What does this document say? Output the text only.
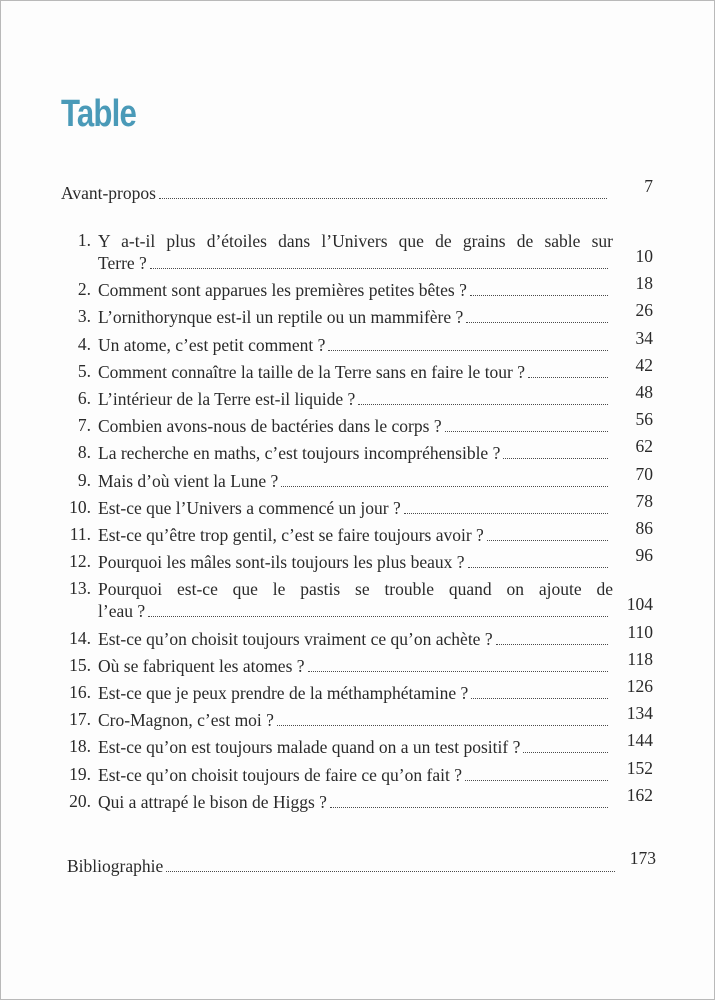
Table
Avant-propos	7
1. Y a-t-il plus d’étoiles dans l’Univers que de grains de sable sur
Terre ?	10
2. Comment sont apparues les premières petites bêtes ?	18
3. L’ornithorynque est-il un reptile ou un mammifère ?	26
4. Un atome, c’est petit comment ?	34
5. Comment connaître la taille de la Terre sans en faire le tour ?	42
6. L’intérieur de la Terre est-il liquide ?	48
7. Combien avons-nous de bactéries dans le corps ?	56
8. La recherche en maths, c’est toujours incompréhensible ?	62
9. Mais d’où vient la Lune ?	70
10. Est-ce que l’Univers a commencé un jour ?	78
11. Est-ce qu’être trop gentil, c’est se faire toujours avoir ?	86
12. Pourquoi les mâles sont-ils toujours les plus beaux ?	96
13. Pourquoi est-ce que le pastis se trouble quand on ajoute de
l’eau ?	104
14. Est-ce qu’on choisit toujours vraiment ce qu’on achète ?	110
15. Où se fabriquent les atomes ?	118
16. Est-ce que je peux prendre de la méthamphétamine ?	126
17. Cro-Magnon, c’est moi ?	134
18. Est-ce qu’on est toujours malade quand on a un test positif ?	144
19. Est-ce qu’on choisit toujours de faire ce qu’on fait ?	152
20. Qui a attrapé le bison de Higgs ?	162
Bibliographie	173
